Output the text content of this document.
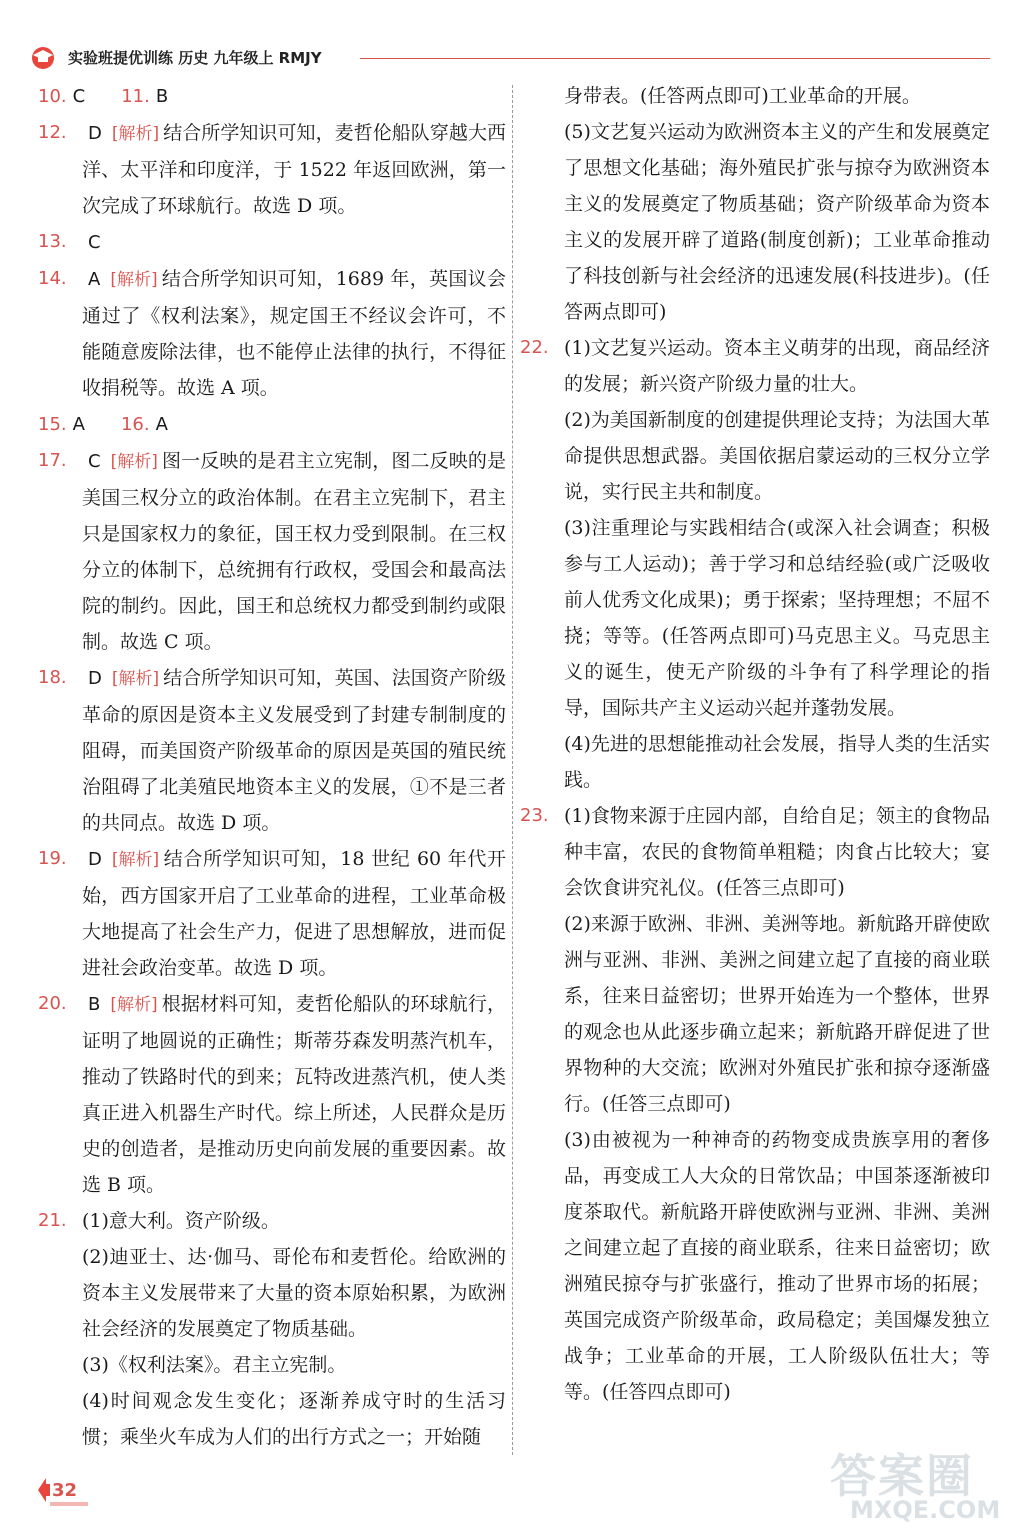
实验班提优训练 历史 九年级上 RMJY
10. C 11. B
12. D [解析] 结合所学知识可知，麦哲伦船队穿越大西洋、太平洋和印度洋，于 1522 年返回欧洲，第一次完成了环球航行。故选 D 项。
13. C
14. A [解析] 结合所学知识可知，1689 年，英国议会通过了《权利法案》，规定国王不经议会许可，不能随意废除法律，也不能停止法律的执行，不得征收捐税等。故选 A 项。
15. A 16. A
17. C [解析] 图一反映的是君主立宪制，图二反映的是美国三权分立的政治体制。在君主立宪制下，君主只是国家权力的象征，国王权力受到限制。在三权分立的体制下，总统拥有行政权，受国会和最高法院的制约。因此，国王和总统权力都受到制约或限制。故选 C 项。
18. D [解析] 结合所学知识可知，英国、法国资产阶级革命的原因是资本主义发展受到了封建专制制度的阻碍，而美国资产阶级革命的原因是英国的殖民统治阻碍了北美殖民地资本主义的发展，①不是三者的共同点。故选 D 项。
19. D [解析] 结合所学知识可知，18 世纪 60 年代开始，西方国家开启了工业革命的进程，工业革命极大地提高了社会生产力，促进了思想解放，进而促进社会政治变革。故选 D 项。
20. B [解析] 根据材料可知，麦哲伦船队的环球航行，证明了地圆说的正确性；斯蒂芬森发明蒸汽机车，推动了铁路时代的到来；瓦特改进蒸汽机，使人类真正进入机器生产时代。综上所述，人民群众是历史的创造者，是推动历史向前发展的重要因素。故选 B 项。
21. (1)意大利。资产阶级。
(2)迪亚士、达·伽马、哥伦布和麦哲伦。给欧洲的资本主义发展带来了大量的资本原始积累，为欧洲社会经济的发展奠定了物质基础。
(3)《权利法案》。君主立宪制。
(4)时间观念发生变化；逐渐养成守时的生活习惯；乘坐火车成为人们的出行方式之一；开始随
身带表。(任答两点即可)工业革命的开展。
(5)文艺复兴运动为欧洲资本主义的产生和发展奠定了思想文化基础；海外殖民扩张与掠夺为欧洲资本主义的发展奠定了物质基础；资产阶级革命为资本主义的发展开辟了道路(制度创新)；工业革命推动了科技创新与社会经济的迅速发展(科技进步)。(任答两点即可)
22. (1)文艺复兴运动。资本主义萌芽的出现，商品经济的发展；新兴资产阶级力量的壮大。
(2)为美国新制度的创建提供理论支持；为法国大革命提供思想武器。美国依据启蒙运动的三权分立学说，实行民主共和制度。
(3)注重理论与实践相结合(或深入社会调查；积极参与工人运动)；善于学习和总结经验(或广泛吸收前人优秀文化成果)；勇于探索；坚持理想；不屈不挠；等等。(任答两点即可)马克思主义。马克思主义的诞生，使无产阶级的斗争有了科学理论的指导，国际共产主义运动兴起并蓬勃发展。
(4)先进的思想能推动社会发展，指导人类的生活实践。
23. (1)食物来源于庄园内部，自给自足；领主的食物品种丰富，农民的食物简单粗糙；肉食占比较大；宴会饮食讲究礼仪。(任答三点即可)
(2)来源于欧洲、非洲、美洲等地。新航路开辟使欧洲与亚洲、非洲、美洲之间建立起了直接的商业联系，往来日益密切；世界开始连为一个整体，世界的观念也从此逐步确立起来；新航路开辟促进了世界物种的大交流；欧洲对外殖民扩张和掠夺逐渐盛行。(任答三点即可)
(3)由被视为一种神奇的药物变成贵族享用的奢侈品，再变成工人大众的日常饮品；中国茶逐渐被印度茶取代。新航路开辟使欧洲与亚洲、非洲、美洲之间建立起了直接的商业联系，往来日益密切；欧洲殖民掠夺与扩张盛行，推动了世界市场的拓展；英国完成资产阶级革命，政局稳定；美国爆发独立战争；工业革命的开展，工人阶级队伍壮大；等等。(任答四点即可)
32	答案圈
MXQE.COM
